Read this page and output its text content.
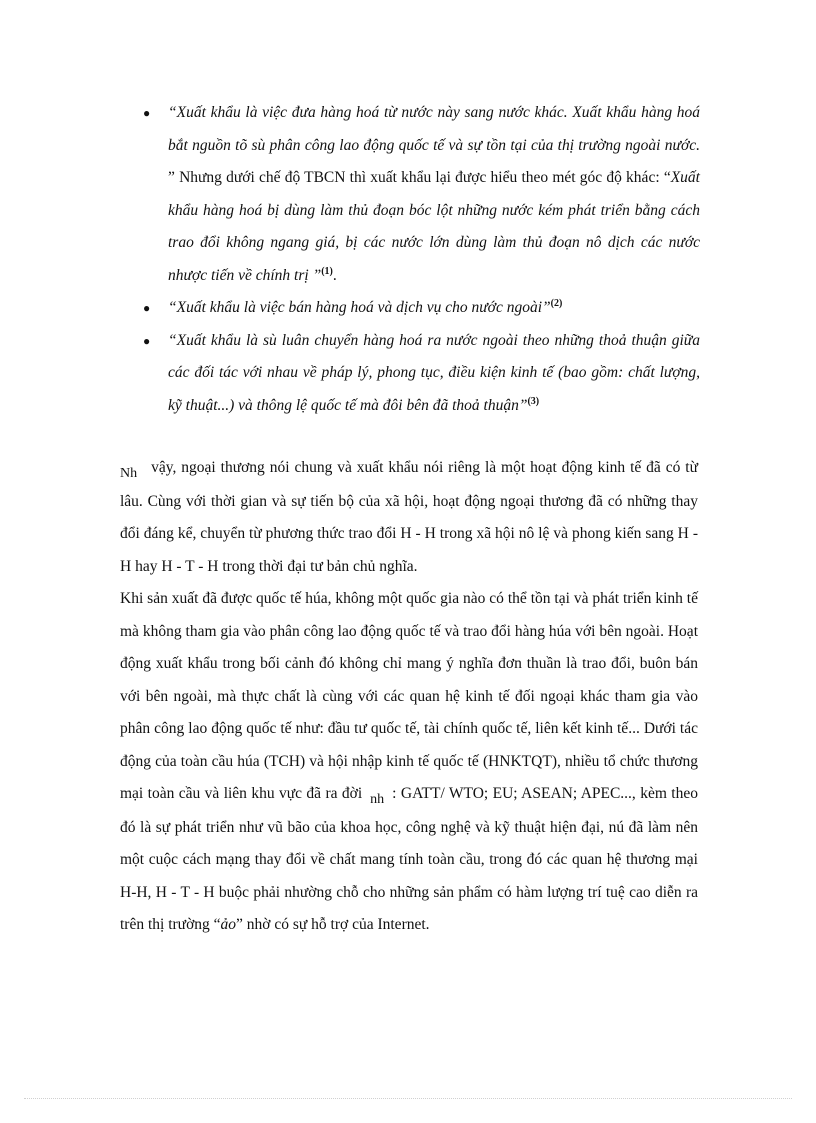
● “Xuất khẩu là việc đưa hàng hoá từ nước này sang nước khác. Xuất khẩu hàng hoá bắt nguồn tõ sù phân công lao động quốc tế và sự tồn tại của thị trường ngoài nước. ” Nhưng dưới chế độ TBCN thì xuất khẩu lại được hiểu theo mét góc độ khác: “Xuất khẩu hàng hoá bị dùng làm thủ đoạn bóc lột những nước kém phát triển bằng cách trao đổi không ngang giá, bị các nước lớn dùng làm thủ đoạn nô dịch các nước nhược tiến về chính trị ”$^{(1)}$.
● “Xuất khẩu là việc bán hàng hoá và dịch vụ cho nước ngoài”$^{(2)}$
● “Xuất khẩu là sù luân chuyển hàng hoá ra nước ngoài theo những thoả thuận giữa các đối tác với nhau về pháp lý, phong tục, điều kiện kinh tế (bao gồm: chất lượng, kỹ thuật...) và thông lệ quốc tế mà đôi bên đã thoả thuận”$^{(3)}$

Nh vậy, ngoại thương nói chung và xuất khẩu nói riêng là một hoạt động kinh tế đã có từ lâu. Cùng với thời gian và sự tiến bộ của xã hội, hoạt động ngoại thương đã có những thay đổi đáng kể, chuyển từ phương thức trao đổi H - H trong xã hội nô lệ và phong kiến sang H - H hay H - T - H trong thời đại tư bản chủ nghĩa.

Khi sản xuất đã được quốc tế húa, không một quốc gia nào có thể tồn tại và phát triển kinh tế mà không tham gia vào phân công lao động quốc tế và trao đổi hàng húa với bên ngoài. Hoạt động xuất khẩu trong bối cảnh đó không chỉ mang ý nghĩa đơn thuần là trao đổi, buôn bán với bên ngoài, mà thực chất là cùng với các quan hệ kinh tế đối ngoại khác tham gia vào phân công lao động quốc tế như: đầu tư quốc tế, tài chính quốc tế, liên kết kinh tế... Dưới tác động của toàn cầu húa (TCH) và hội nhập kinh tế quốc tế (HNKTQT), nhiều tổ chức thương mại toàn cầu và liên khu vực đã ra đời nh : GATT/ WTO; EU; ASEAN; APEC..., kèm theo đó là sự phát triển như vũ bão của khoa học, công nghệ và kỹ thuật hiện đại, nú đã làm nên một cuộc cách mạng thay đổi về chất mang tính toàn cầu, trong đó các quan hệ thương mại H-H, H - T - H buộc phải nhường chỗ cho những sản phẩm có hàm lượng trí tuệ cao diễn ra trên thị trường “ảo” nhờ có sự hỗ trợ của Internet.
